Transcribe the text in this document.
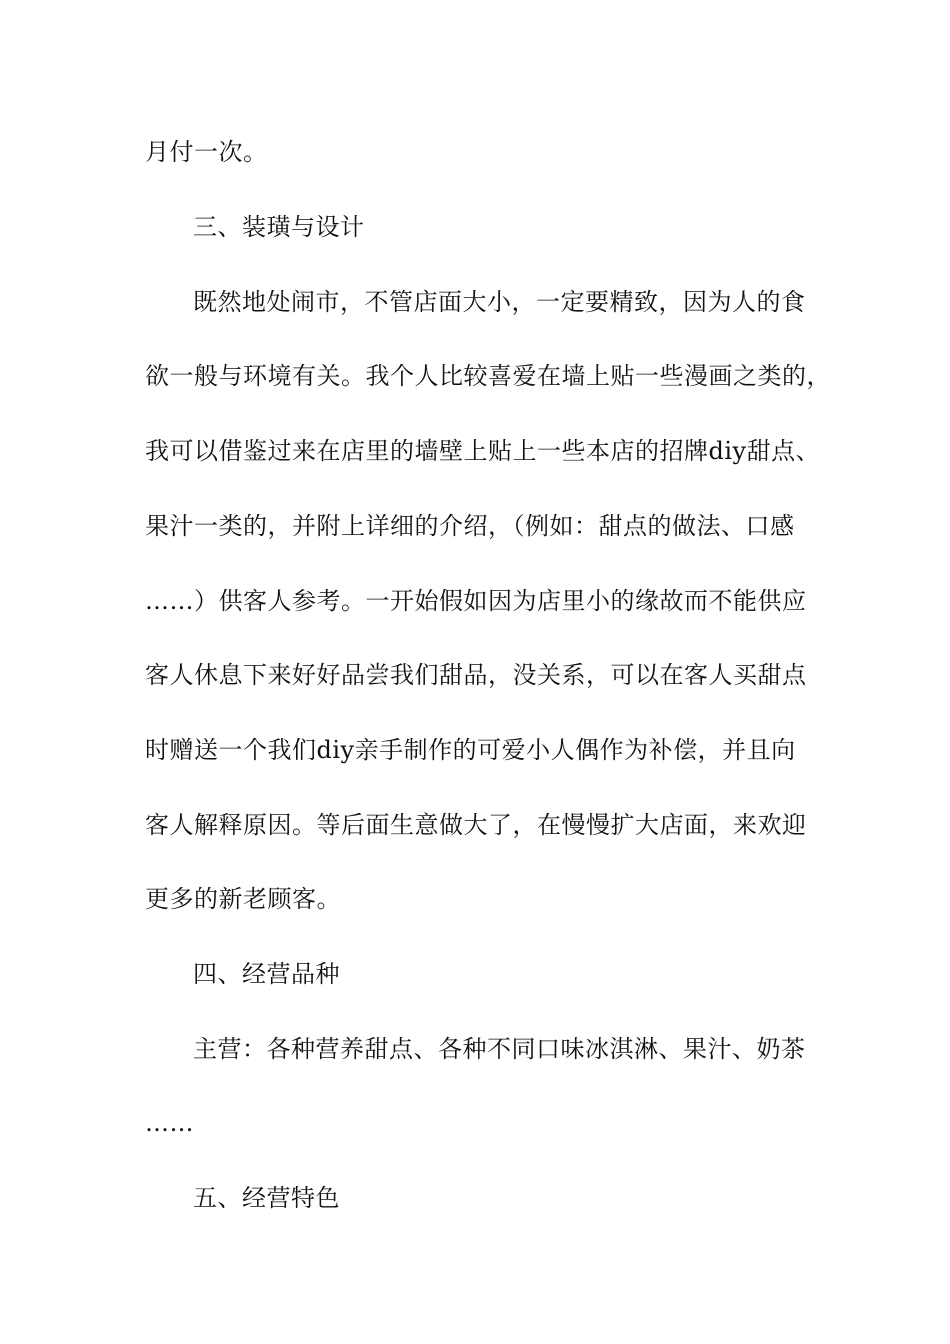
月付一次。
三、装璜与设计
既然地处闹市，不管店面大小，一定要精致，因为人的食
欲一般与环境有关。我个人比较喜爱在墙上贴一些漫画之类的，
我可以借鉴过来在店里的墙壁上贴上一些本店的招牌diy甜点、
果汁一类的，并附上详细的介绍，（例如：甜点的做法、口感
……）供客人参考。一开始假如因为店里小的缘故而不能供应
客人休息下来好好品尝我们甜品，没关系，可以在客人买甜点
时赠送一个我们diy亲手制作的可爱小人偶作为补偿，并且向
客人解释原因。等后面生意做大了，在慢慢扩大店面，来欢迎
更多的新老顾客。
四、经营品种
主营：各种营养甜点、各种不同口味冰淇淋、果汁、奶茶
……
五、经营特色
